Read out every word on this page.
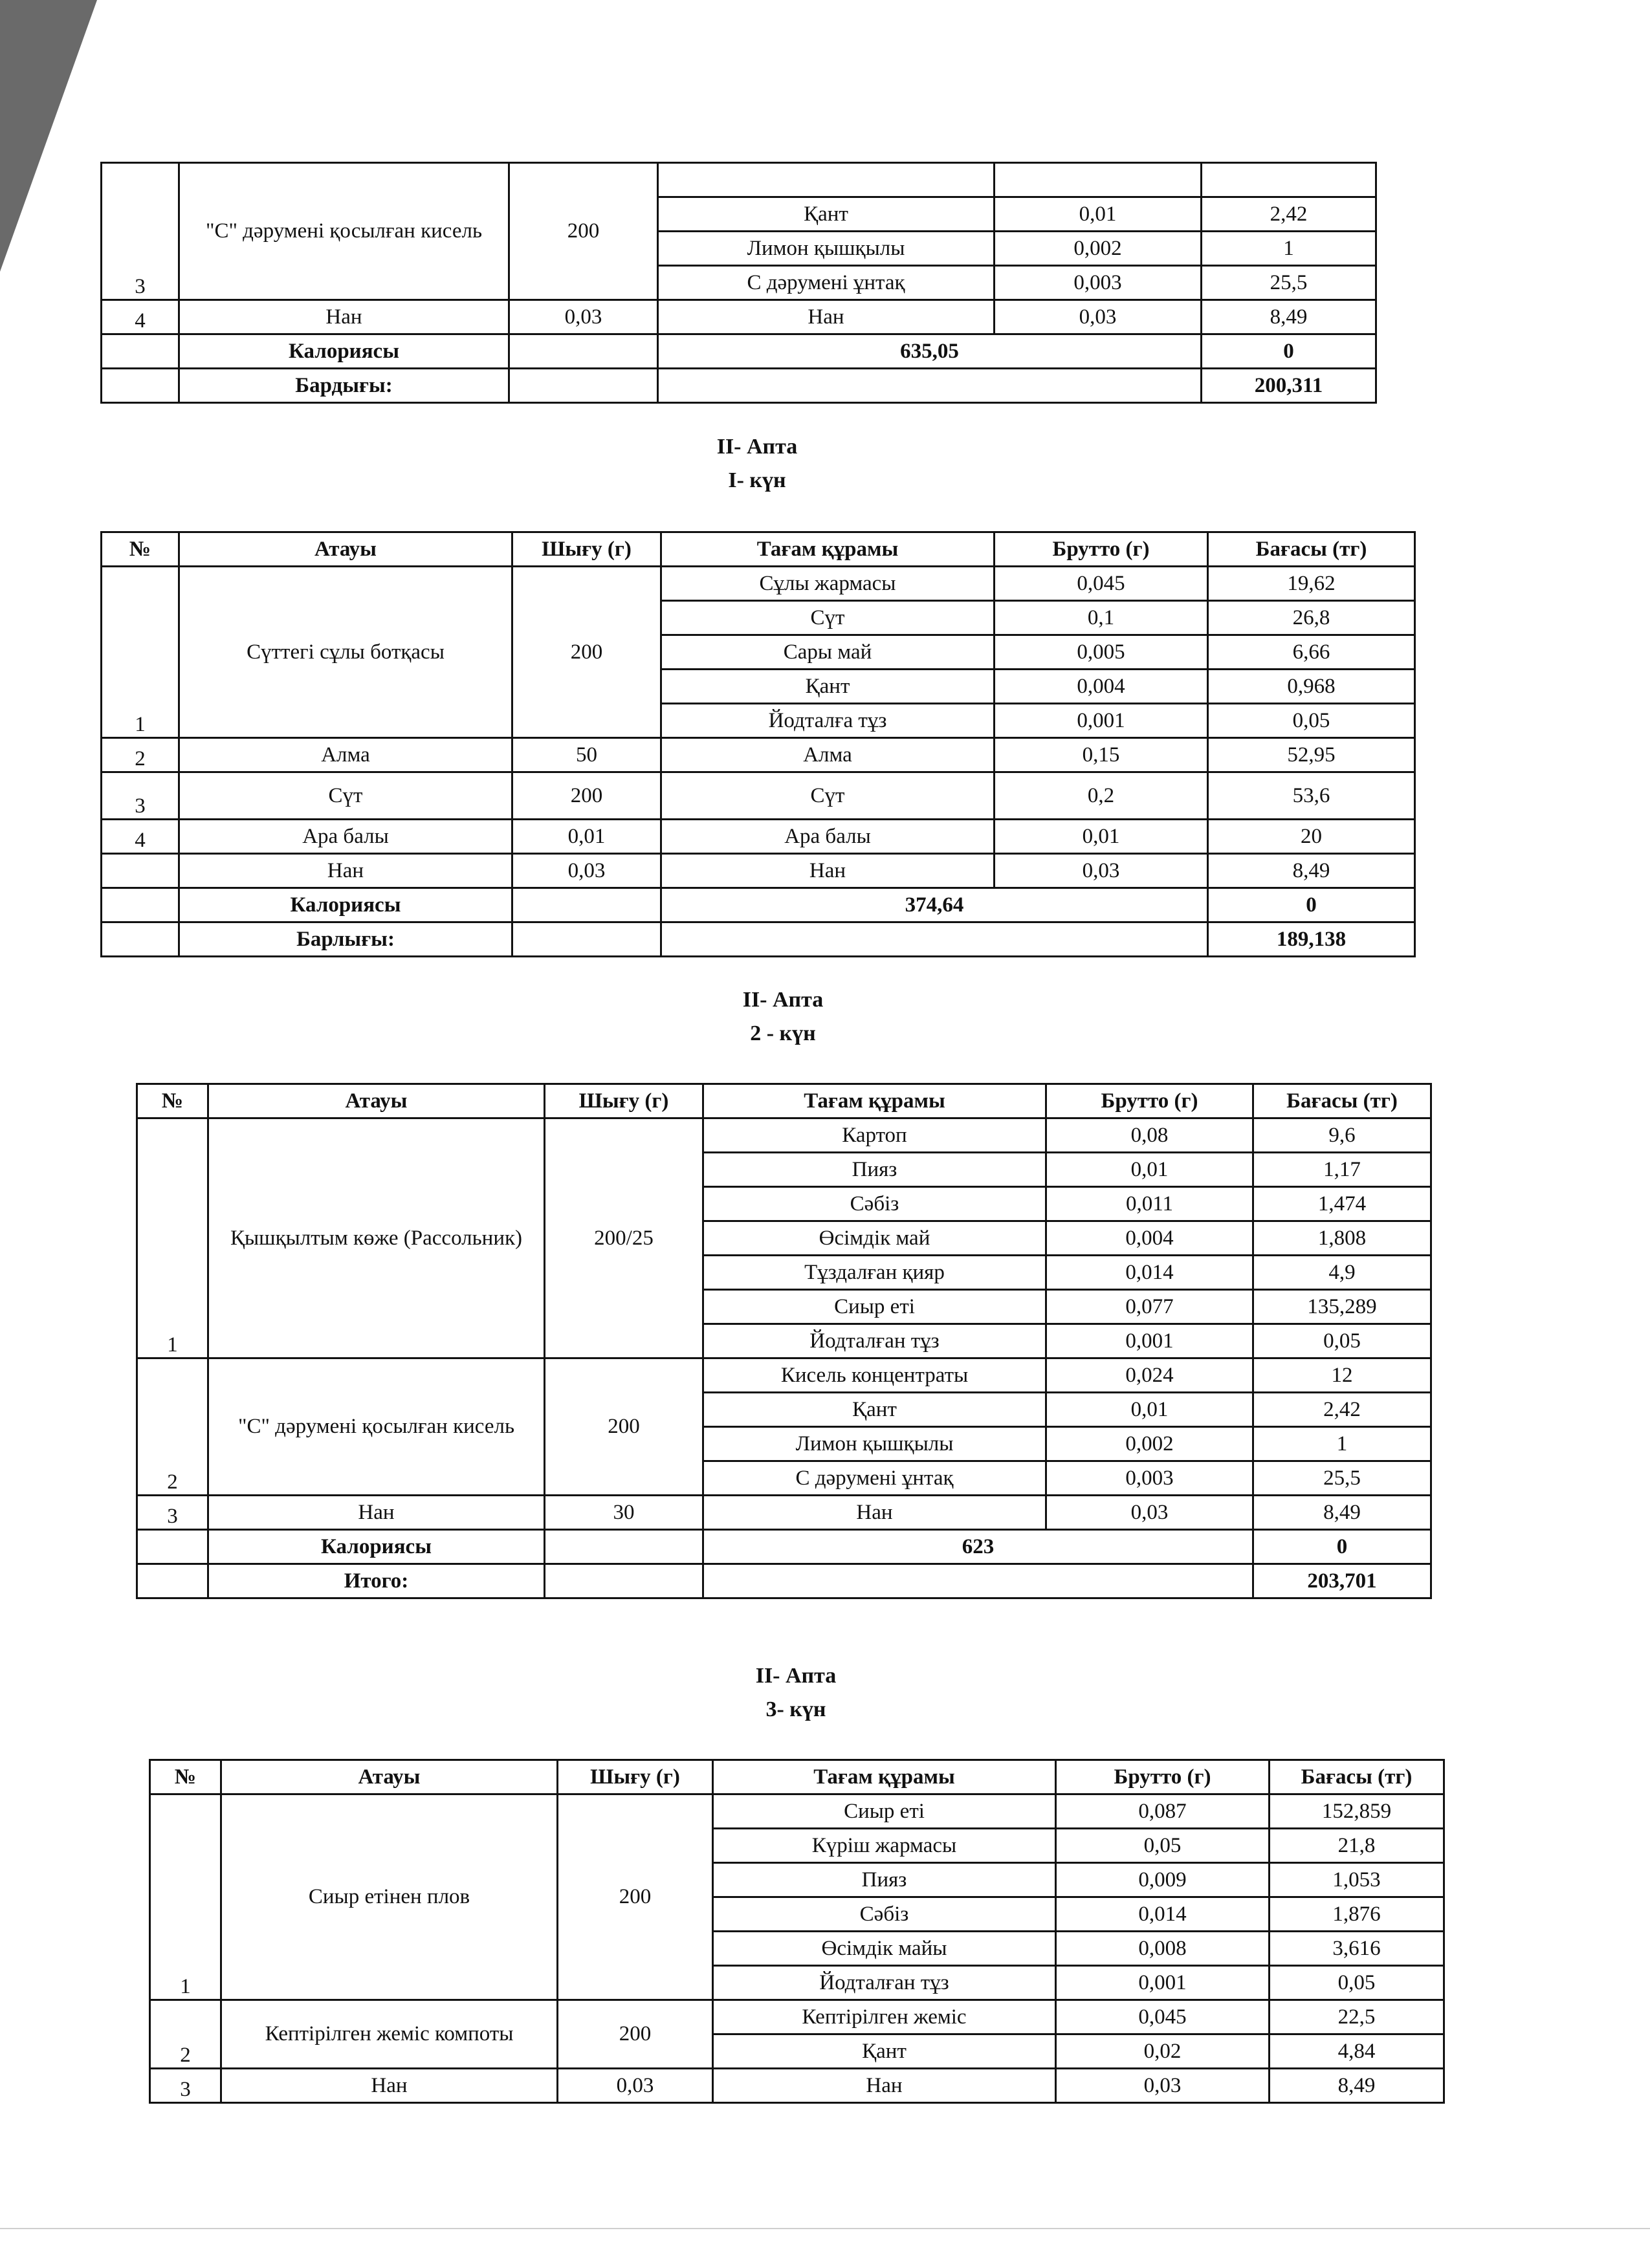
3	"С" дәрумені қосылған кисель	200			
			Қант	0,01	2,42
			Лимон қышқылы	0,002	1
			С дәрумені ұнтақ	0,003	25,5
4	Нан	0,03	Нан	0,03	8,49
	Калориясы		635,05		0
	Бардығы:				200,311
II- Апта
I- күн
№	Атауы	Шығу (г)	Тағам құрамы	Брутто (г)	Бағасы (тг)
1	Сүттегі сұлы ботқасы	200	Сұлы жармасы	0,045	19,62
			Сүт	0,1	26,8
			Сары май	0,005	6,66
			Қант	0,004	0,968
			Йодталға тұз	0,001	0,05
2	Алма	50	Алма	0,15	52,95
3	Сүт	200	Сүт	0,2	53,6
4	Ара балы	0,01	Ара балы	0,01	20
	Нан	0,03	Нан	0,03	8,49
	Калориясы		374,64		0
	Барлығы:				189,138
II- Апта
2 - күн
№	Атауы	Шығу (г)	Тағам құрамы	Брутто (г)	Бағасы (тг)
1	Қышқылтым көже (Рассольник)	200/25	Картоп	0,08	9,6
			Пияз	0,01	1,17
			Сәбіз	0,011	1,474
			Өсімдік май	0,004	1,808
			Тұздалған қияр	0,014	4,9
			Сиыр еті	0,077	135,289
			Йодталған тұз	0,001	0,05
2	"С" дәрумені қосылған кисель	200	Кисель концентраты	0,024	12
			Қант	0,01	2,42
			Лимон қышқылы	0,002	1
			С дәрумені ұнтақ	0,003	25,5
3	Нан	30	Нан	0,03	8,49
	Калориясы		623		0
	Итого:				203,701
II- Апта
3- күн
№	Атауы	Шығу (г)	Тағам құрамы	Брутто (г)	Бағасы (тг)
1	Сиыр етінен плов	200	Сиыр еті	0,087	152,859
			Күріш жармасы	0,05	21,8
			Пияз	0,009	1,053
			Сәбіз	0,014	1,876
			Өсімдік майы	0,008	3,616
			Йодталған тұз	0,001	0,05
2	Кептірілген жеміс компоты	200	Кептірілген жеміс	0,045	22,5
			Қант	0,02	4,84
3	Нан	0,03	Нан	0,03	8,49
